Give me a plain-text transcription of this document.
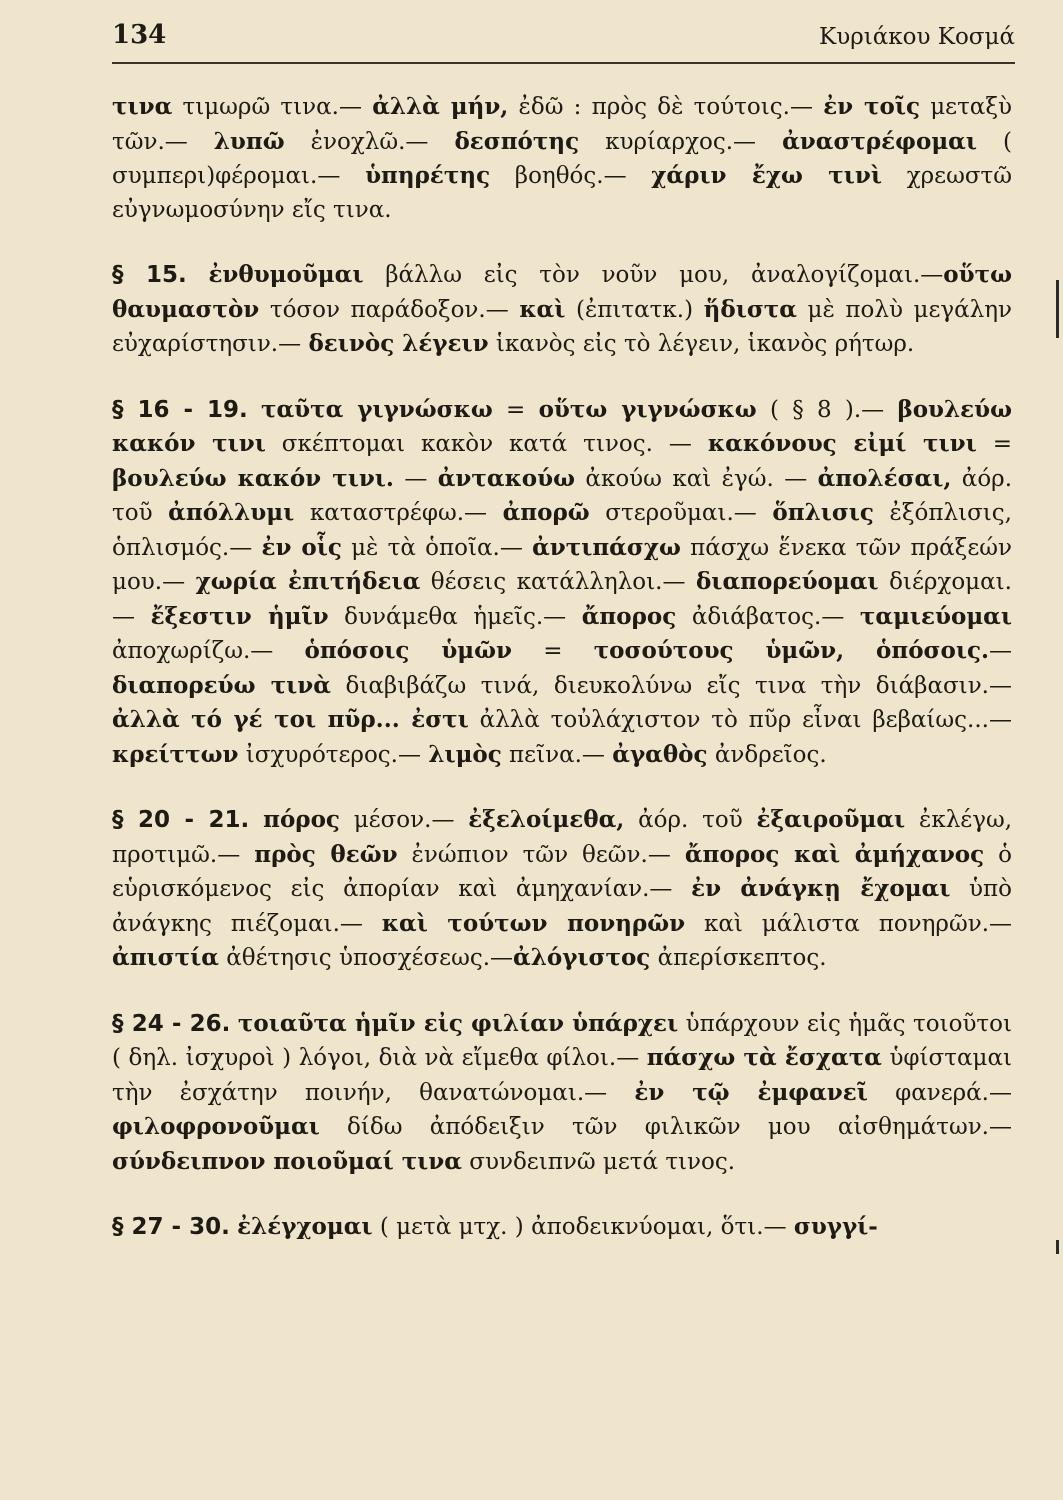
134	Κυριάκου Κοσμά

τινα τιμωρῶ τινα.— ἀλλὰ μήν, ἐδῶ : πρὸς δὲ τούτοις.— ἐν τοῖς μεταξὺ τῶν.— λυπῶ ἐνοχλῶ.— δεσπότης κυρίαρχος.— ἀναστρέφομαι ( συμπερι)φέρομαι.— ὑπηρέτης βοηθός.— χάριν ἔχω τινὶ χρεωστῶ εὐγνωμοσύνην εἴς τινα.

§ 15. ἐνθυμοῦμαι βάλλω εἰς τὸν νοῦν μου, ἀναλογίζομαι.—οὕτω θαυμαστὸν τόσον παράδοξον.— καὶ (ἐπιτατκ.) ἥδιστα μὲ πολὺ μεγάλην εὐχαρίστησιν.— δεινὸς λέγειν ἱκανὸς εἰς τὸ λέγειν, ἱκανὸς ρήτωρ.

§ 16 - 19. ταῦτα γιγνώσκω = οὕτω γιγνώσκω ( § 8 ).— βουλεύω κακόν τινι σκέπτομαι κακὸν κατά τινος. — κακόνους εἰμί τινι = βουλεύω κακόν τινι. — ἀντακούω ἀκούω καὶ ἐγώ. — ἀπολέσαι, ἀόρ. τοῦ ἀπόλλυμι καταστρέφω.— ἀπορῶ στεροῦμαι.— ὅπλισις ἐξόπλισις, ὁπλισμός.— ἐν οἷς μὲ τὰ ὁποῖα.— ἀντιπάσχω πάσχω ἕνεκα τῶν πράξεών μου.— χωρία ἐπιτήδεια θέσεις κατάλληλοι.— διαπορεύομαι διέρχομαι.— ἔξεστιν ἡμῖν δυνάμεθα ἡμεῖς.— ἄπορος ἀδιάβατος.— ταμιεύομαι ἀποχωρίζω.— ὁπόσοις ὑμῶν = τοσούτους ὑμῶν, ὁπόσοις.— διαπορεύω τινὰ διαβιβάζω τινά, διευκολύνω εἴς τινα τὴν διάβασιν.— ἀλλὰ τό γέ τοι πῦρ... ἐστι ἀλλὰ τοὐλάχιστον τὸ πῦρ εἶναι βεβαίως...— κρείττων ἰσχυρότερος.— λιμὸς πεῖνα.— ἀγαθὸς ἀνδρεῖος.

§ 20 - 21. πόρος μέσον.— ἐξελοίμεθα, ἀόρ. τοῦ ἐξαιροῦμαι ἐκλέγω, προτιμῶ.— πρὸς θεῶν ἐνώπιον τῶν θεῶν.— ἄπορος καὶ ἀμήχανος ὁ εὑρισκόμενος εἰς ἀπορίαν καὶ ἀμηχανίαν.— ἐν ἀνάγκῃ ἔχομαι ὑπὸ ἀνάγκης πιέζομαι.— καὶ τούτων πονηρῶν καὶ μάλιστα πονηρῶν.—ἀπιστία ἀθέτησις ὑποσχέσεως.—ἀλόγιστος ἀπερίσκεπτος.

§ 24 - 26. τοιαῦτα ἡμῖν εἰς φιλίαν ὑπάρχει ὑπάρχουν εἰς ἡμᾶς τοιοῦτοι ( δηλ. ἰσχυροὶ ) λόγοι, διὰ νὰ εἴμεθα φίλοι.— πάσχω τὰ ἔσχατα ὑφίσταμαι τὴν ἐσχάτην ποινήν, θανατώνομαι.— ἐν τῷ ἐμφανεῖ φανερά.— φιλοφρονοῦμαι δίδω ἀπόδειξιν τῶν φιλικῶν μου αἰσθημάτων.— σύνδειπνον ποιοῦμαί τινα συνδειπνῶ μετά τινος.

§ 27 - 30. ἐλέγχομαι ( μετὰ μτχ. ) ἀποδεικνύομαι, ὅτι.— συγγί-
